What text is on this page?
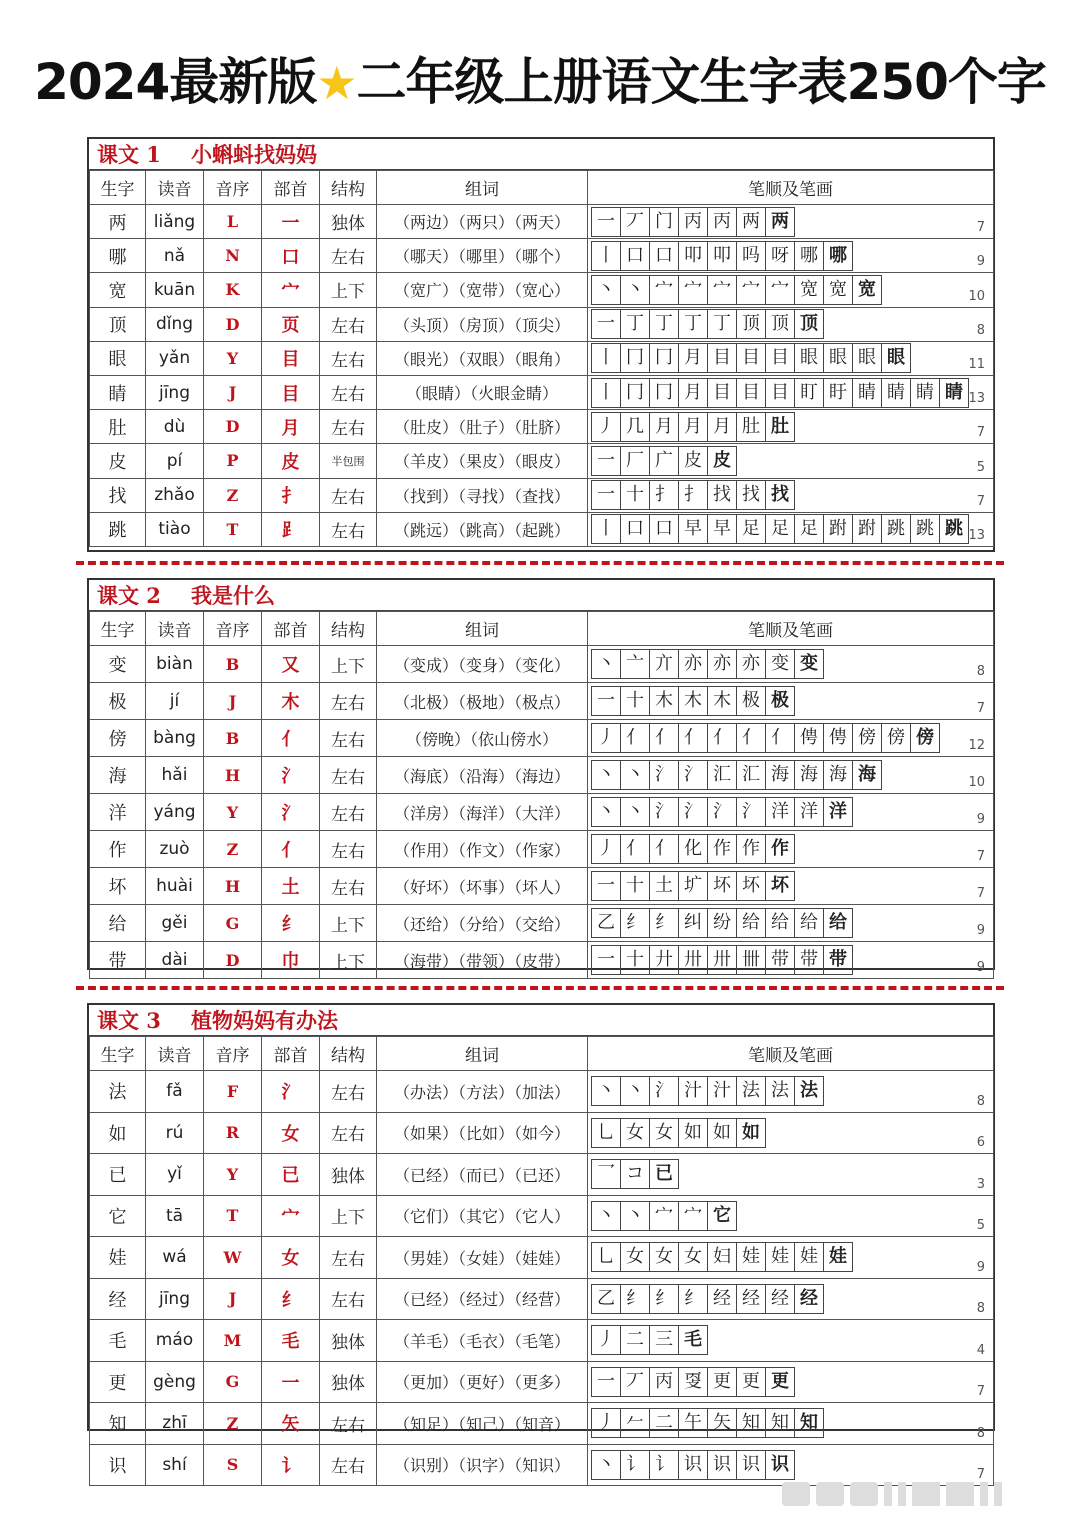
2024最新版★二年级上册语文生字表250个字
课文 1	小蝌蚪找妈妈
生字	读音	音序	部首	结构	组词	笔顺及笔画
两	liǎng	L	一	独体	（两边）（两只）（两天）	一 丆 门 丙 丙 两 两 7

哪	nǎ	N	口	左右	（哪天）（哪里）（哪个）	丨 口 口 叩 叩 吗 呀 哪 哪 9

宽	kuān	K	宀	上下	（宽广）（宽带）（宽心）	丶 丶 宀 宀 宀 宀 宀 宽 宽 宽 10

顶	dǐng	D	页	左右	（头顶）（房顶）（顶尖）	一 丁 丁 丁 丁 顶 顶 顶 8

眼	yǎn	Y	目	左右	（眼光）（双眼）（眼角）	丨 冂 冂 月 目 目 目 眼 眼 眼 眼 11

睛	jīng	J	目	左右	（眼睛）（火眼金睛）	丨 冂 冂 月 目 目 目 盯 盱 睛 睛 睛 睛 13

肚	dù	D	月	左右	（肚皮）（肚子）（肚脐）	丿 几 月 月 月 肚 肚 7

皮	pí	P	皮	半包围	（羊皮）（果皮）（眼皮）	一 厂 广 皮 皮 5

找	zhǎo	Z	扌	左右	（找到）（寻找）（查找）	一 十 扌 扌 找 找 找 7

跳	tiào	T	⻊	左右	（跳远）（跳高）（起跳）	丨 口 口 早 早 足 足 足 跗 跗 跳 跳 跳 13
课文 2	我是什么
生字	读音	音序	部首	结构	组词	笔顺及笔画
变	biàn	B	又	上下	（变成）（变身）（变化）	丶 亠 亣 亦 亦 亦 变 变 8

极	jí	J	木	左右	（北极）（极地）（极点）	一 十 木 木 木 极 极 7

傍	bàng	B	亻	左右	（傍晚）（依山傍水）	丿 亻 亻 亻 亻 亻 亻 俜 俜 傍 傍 傍 12

海	hǎi	H	氵	左右	（海底）（沿海）（海边）	丶 丶 氵 氵 汇 汇 海 海 海 海 10

洋	yáng	Y	氵	左右	（洋房）（海洋）（大洋）	丶 丶 氵 氵 氵 氵 洋 洋 洋 9

作	zuò	Z	亻	左右	（作用）（作文）（作家）	丿 亻 亻 化 作 作 作 7

坏	huài	H	土	左右	（好坏）（坏事）（坏人）	一 十 土 圹 坏 坏 坏 7

给	gěi	G	纟	上下	（还给）（分给）（交给）	乙 纟 纟 纠 纷 给 给 给 给 9

带	dài	D	巾	上下	（海带）（带领）（皮带）	一 十 廾 卅 卅 卌 带 带 带 9
课文 3	植物妈妈有办法
生字	读音	音序	部首	结构	组词	笔顺及笔画
法	fǎ	F	氵	左右	（办法）（方法）（加法）	丶 丶 氵 汁 汁 法 法 法 8

如	rú	R	女	左右	（如果）（比如）（如今）	乚 女 女 如 如 如 6

已	yǐ	Y	已	独体	（已经）（而已）（已还）	乛 コ 已 3

它	tā	T	宀	上下	（它们）（其它）（它人）	丶 丶 宀 宀 它 5

娃	wá	W	女	左右	（男娃）（女娃）（娃娃）	乚 女 女 女 妇 娃 娃 娃 娃 9

经	jīng	J	纟	左右	（已经）（经过）（经营）	乙 纟 纟 纟 经 经 经 经 8

毛	máo	M	毛	独体	（羊毛）（毛衣）（毛笔）	丿 二 三 毛 4

更	gèng	G	一	独体	（更加）（更好）（更多）	一 丆 丙 㪅 更 更 更 7

知	zhī	Z	矢	左右	（知足）（知己）（知音）	丿 𠂉 二 午 矢 知 知 知 8

识	shí	S	讠	左右	（识别）（识字）（知识）	丶 讠 讠 识 识 识 识 7
